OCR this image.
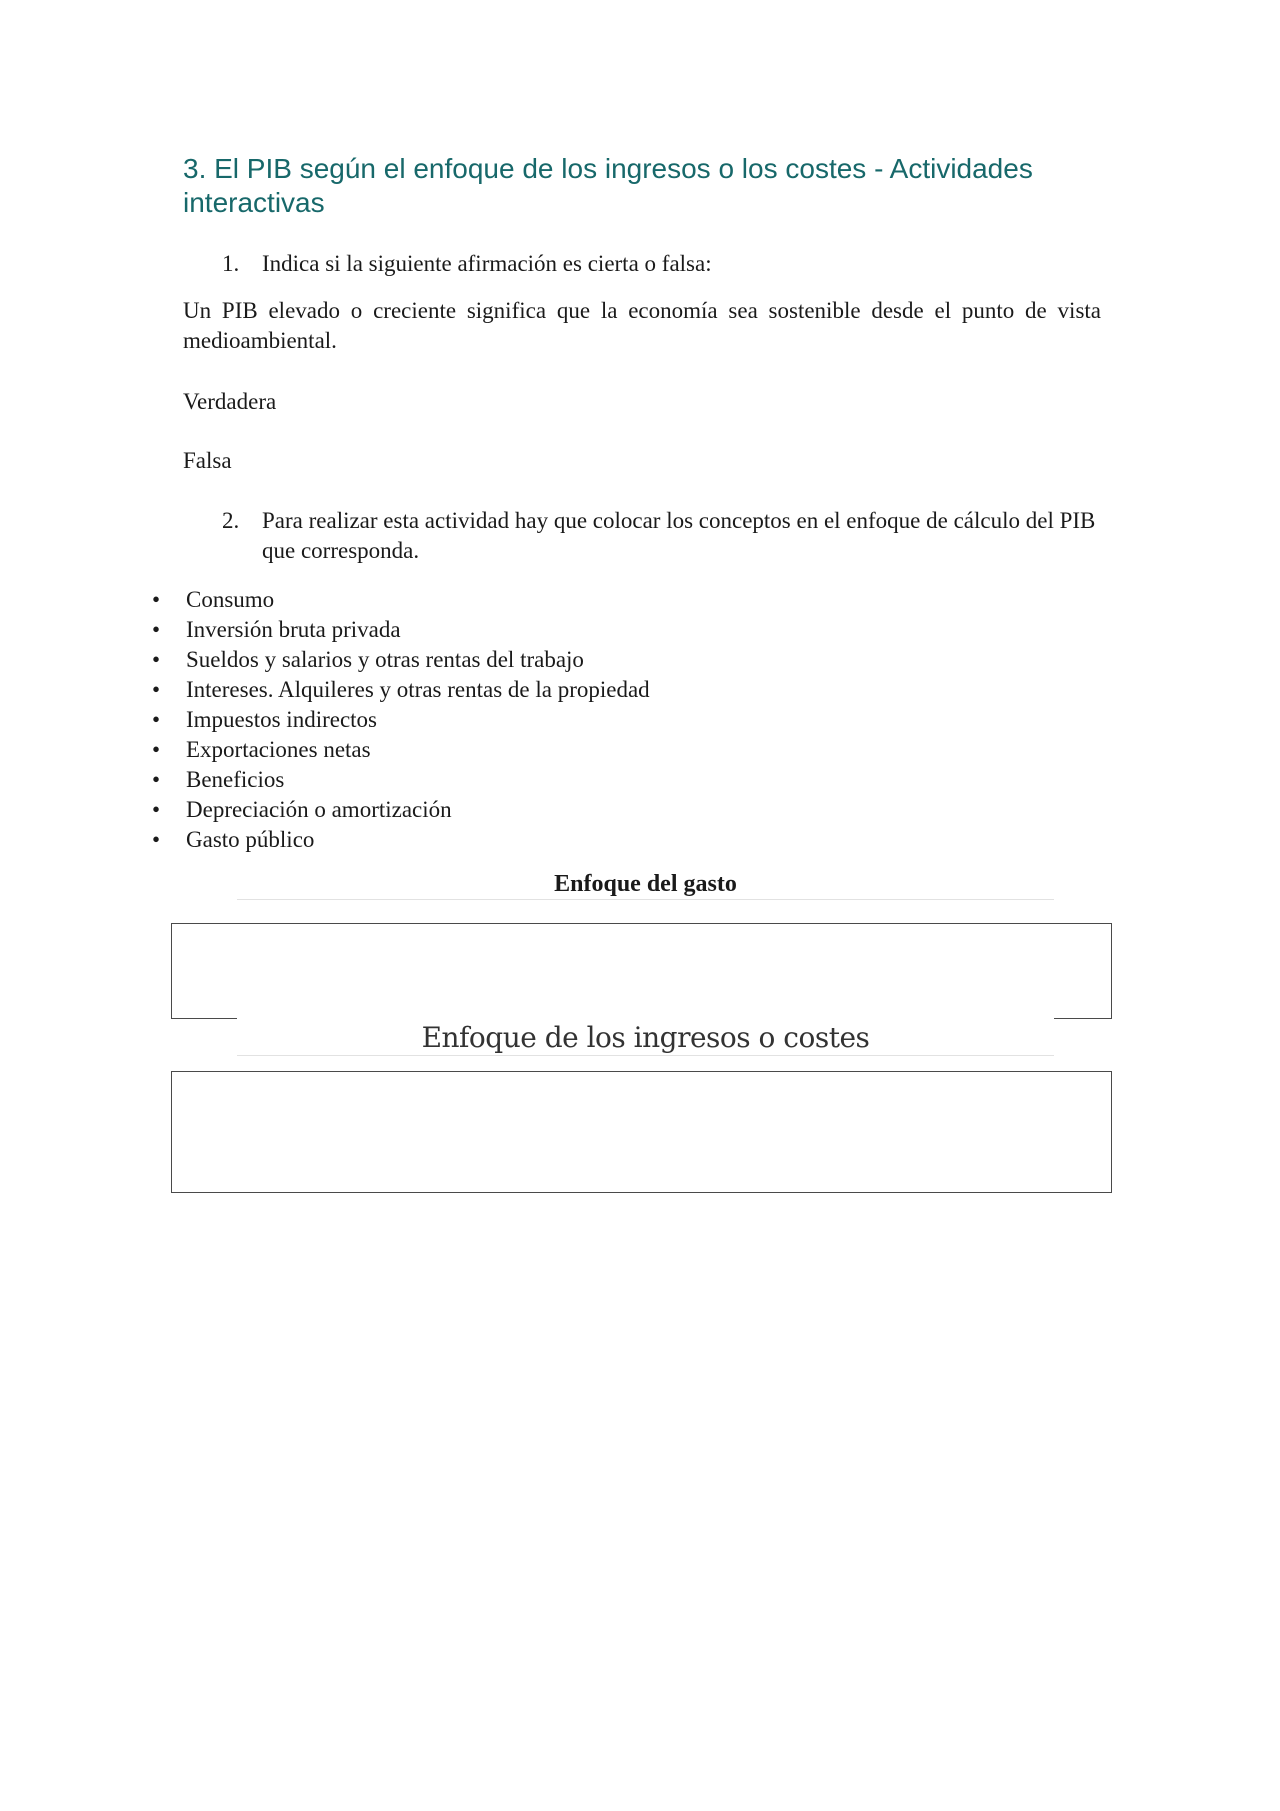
3. El PIB según el enfoque de los ingresos o los costes - Actividades interactivas
1. Indica si la siguiente afirmación es cierta o falsa:

Un PIB elevado o creciente significa que la economía sea sostenible desde el punto de vista medioambiental.

Verdadera
Falsa
2. Para realizar esta actividad hay que colocar los conceptos en el enfoque de cálculo del PIB que corresponda.
• Consumo
• Inversión bruta privada
• Sueldos y salarios y otras rentas del trabajo
• Intereses. Alquileres y otras rentas de la propiedad
• Impuestos indirectos
• Exportaciones netas
• Beneficios
• Depreciación o amortización
• Gasto público
Enfoque del gasto
Enfoque de los ingresos o costes
